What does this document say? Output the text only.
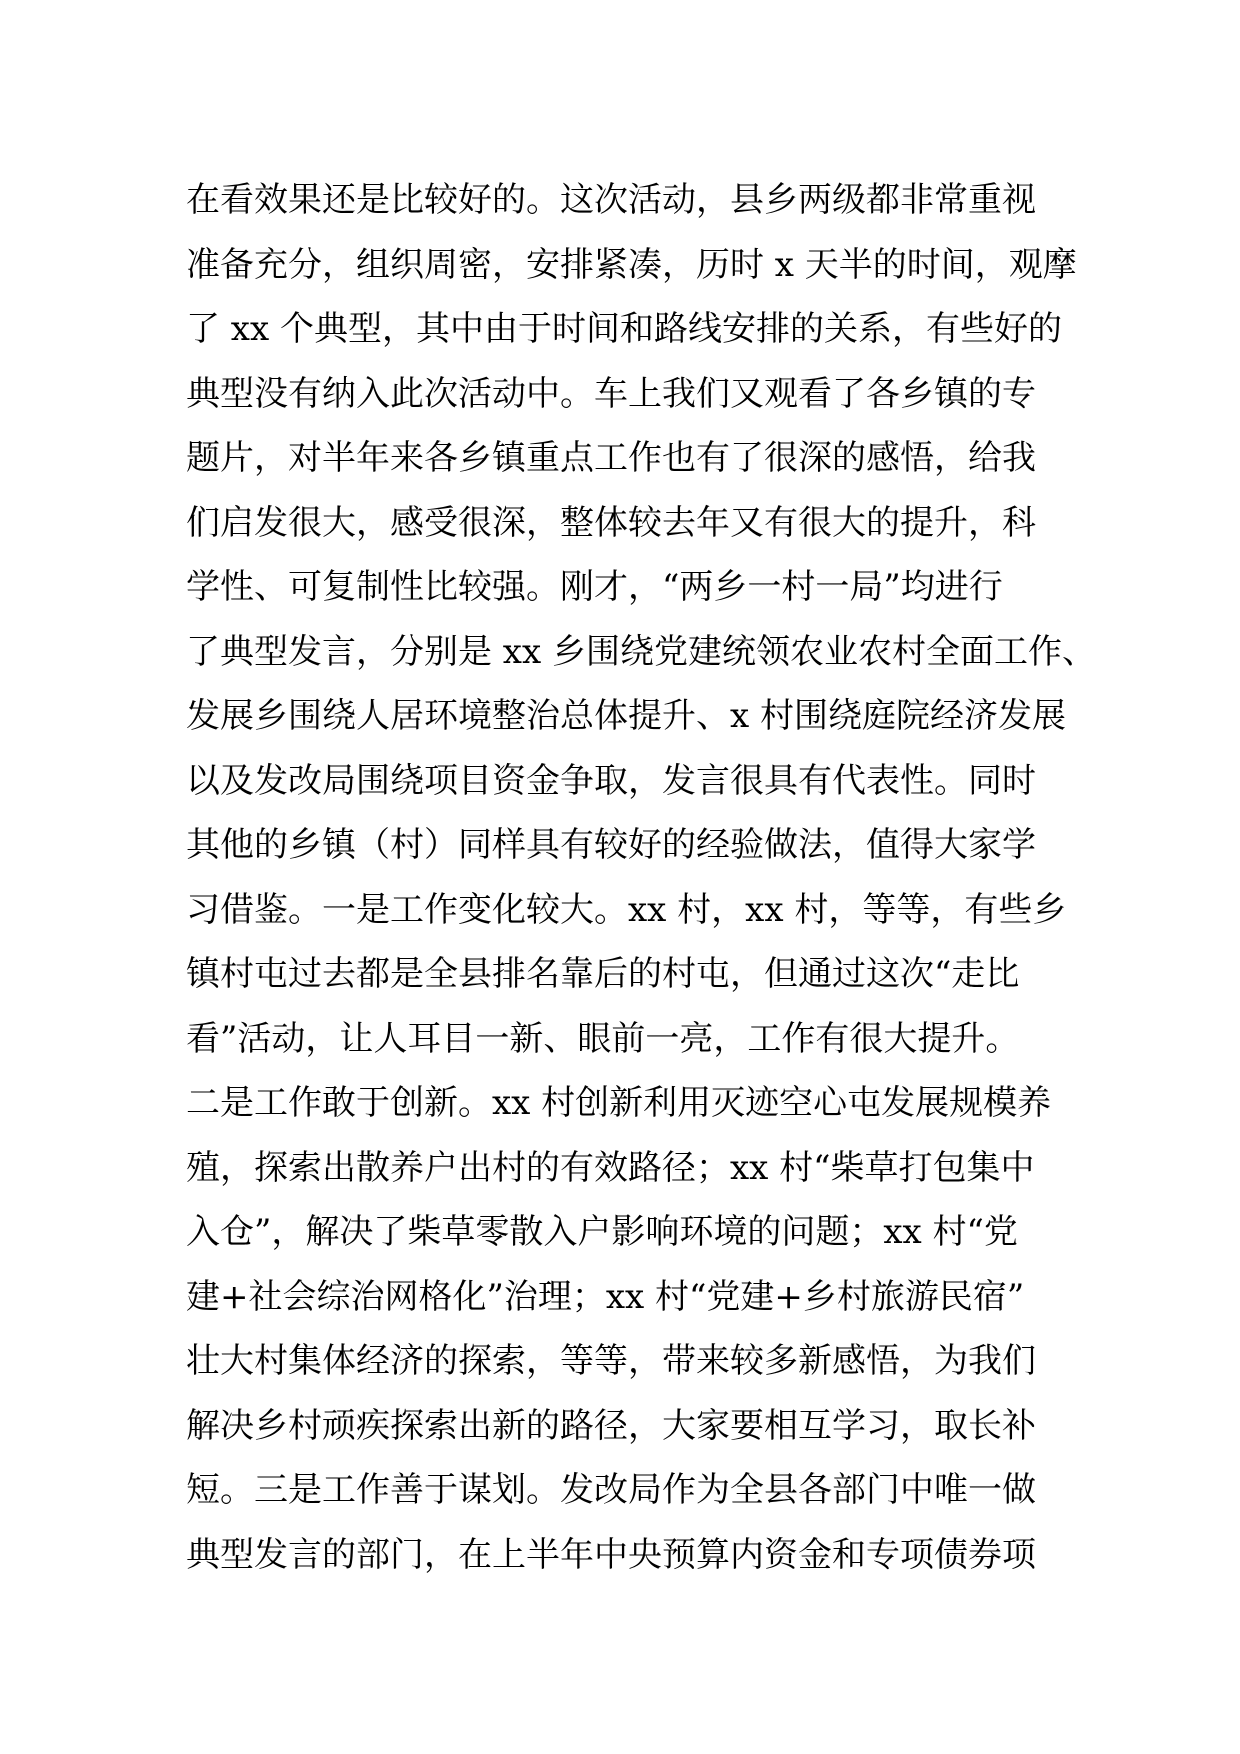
在看效果还是比较好的。这次活动，县乡两级都非常重视
准备充分，组织周密，安排紧凑，历时 x 天半的时间，观摩
了 xx 个典型，其中由于时间和路线安排的关系，有些好的
典型没有纳入此次活动中。车上我们又观看了各乡镇的专
题片，对半年来各乡镇重点工作也有了很深的感悟，给我
们启发很大，感受很深，整体较去年又有很大的提升，科
学性、可复制性比较强。刚才，“两乡一村一局”均进行
了典型发言，分别是 xx 乡围绕党建统领农业农村全面工作、
发展乡围绕人居环境整治总体提升、x 村围绕庭院经济发展
以及发改局围绕项目资金争取，发言很具有代表性。同时
其他的乡镇（村）同样具有较好的经验做法，值得大家学
习借鉴。一是工作变化较大。xx 村，xx 村，等等，有些乡
镇村屯过去都是全县排名靠后的村屯，但通过这次“走比
看”活动，让人耳目一新、眼前一亮，工作有很大提升。
二是工作敢于创新。xx 村创新利用灭迹空心屯发展规模养
殖，探索出散养户出村的有效路径；xx 村“柴草打包集中
入仓”，解决了柴草零散入户影响环境的问题；xx 村“党
建+社会综治网格化”治理；xx 村“党建+乡村旅游民宿”
壮大村集体经济的探索，等等，带来较多新感悟，为我们
解决乡村顽疾探索出新的路径，大家要相互学习，取长补
短。三是工作善于谋划。发改局作为全县各部门中唯一做
典型发言的部门，在上半年中央预算内资金和专项债券项
